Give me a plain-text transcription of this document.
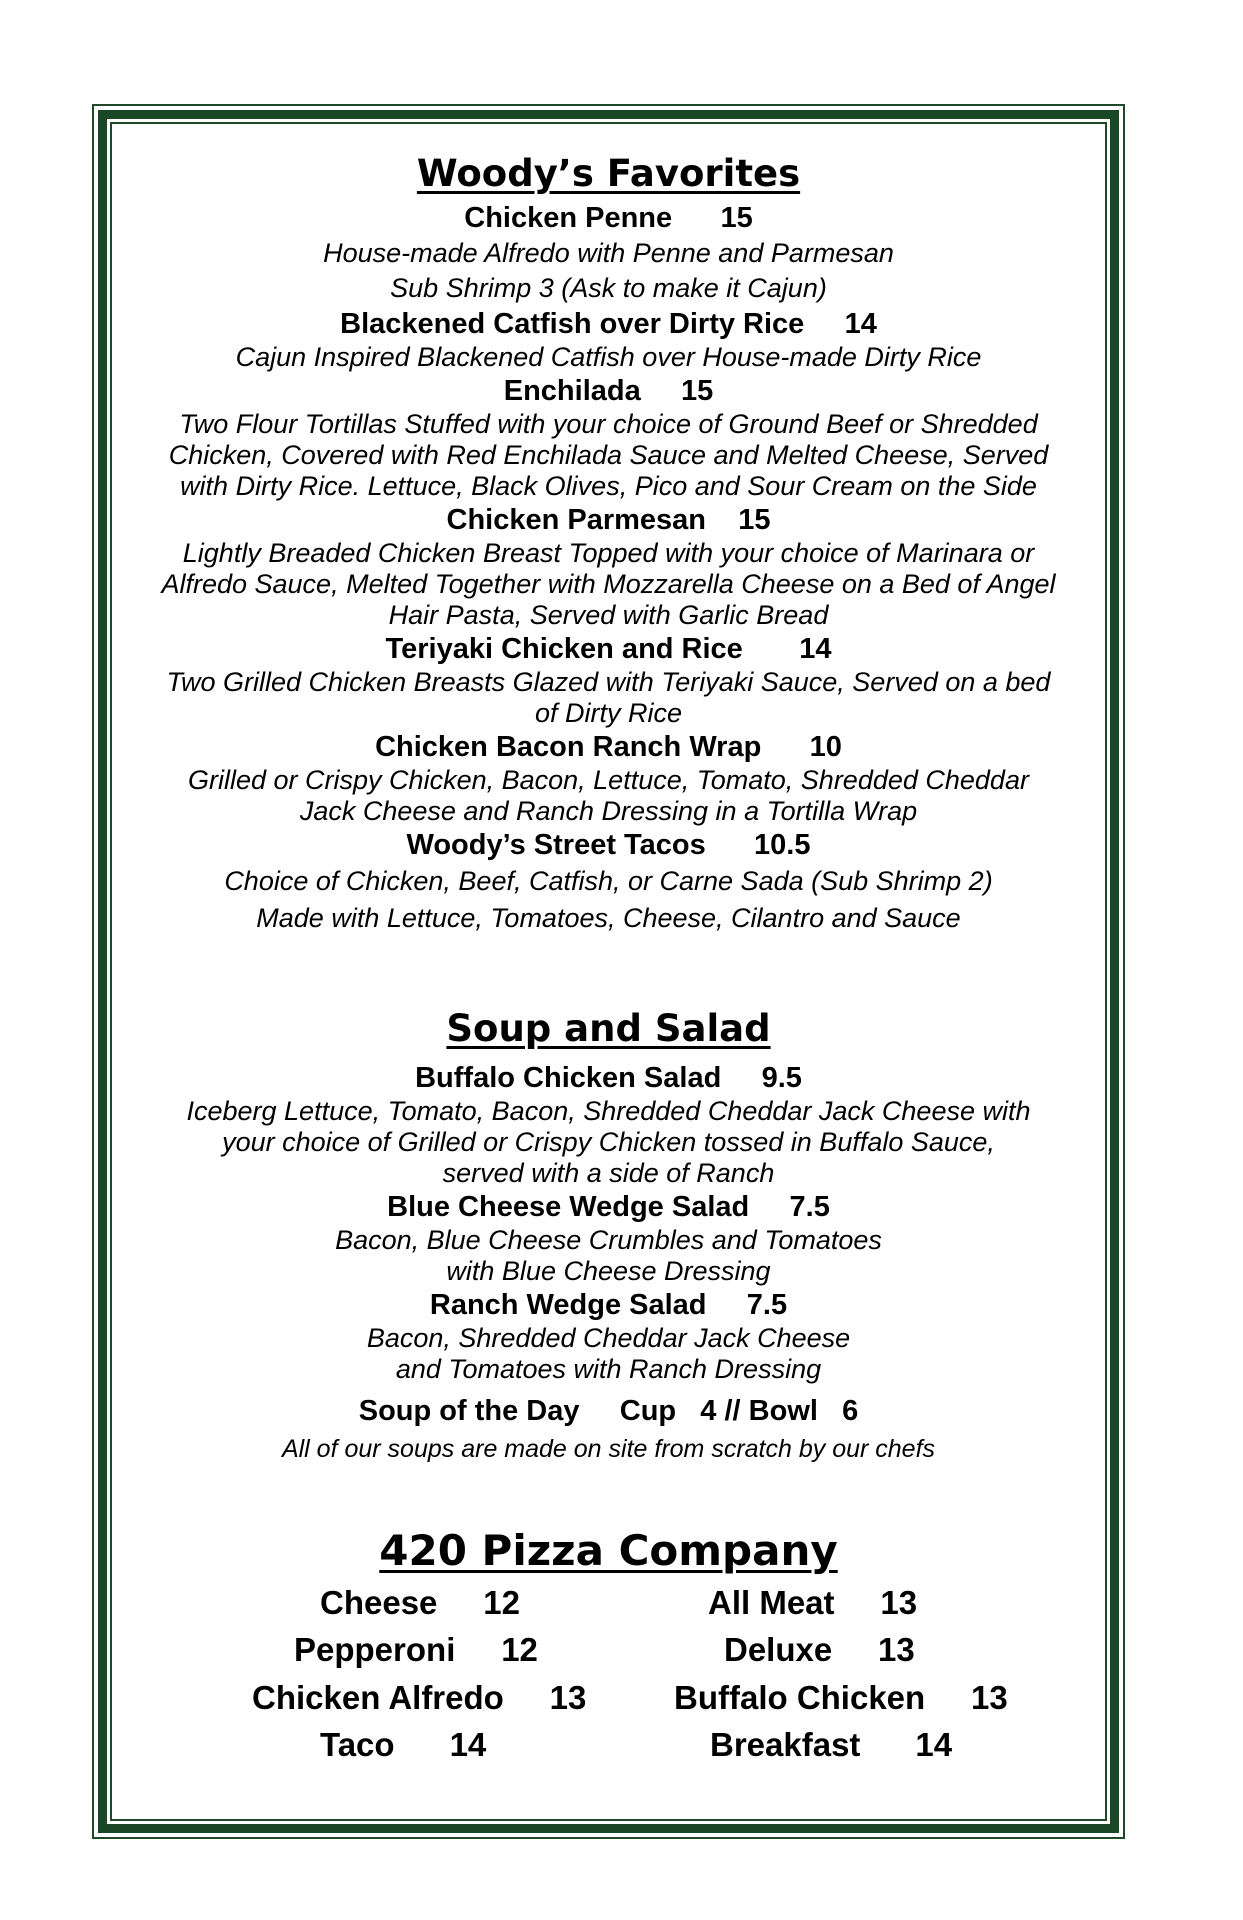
Woody’s Favorites
Chicken Penne      15
House-made Alfredo with Penne and Parmesan
Sub Shrimp 3 (Ask to make it Cajun)
Blackened Catfish over Dirty Rice     14
Cajun Inspired Blackened Catfish over House-made Dirty Rice
Enchilada     15
Two Flour Tortillas Stuffed with your choice of Ground Beef or Shredded
Chicken, Covered with Red Enchilada Sauce and Melted Cheese, Served
with Dirty Rice. Lettuce, Black Olives, Pico and Sour Cream on the Side
Chicken Parmesan    15
Lightly Breaded Chicken Breast Topped with your choice of Marinara or
Alfredo Sauce, Melted Together with Mozzarella Cheese on a Bed of Angel
Hair Pasta, Served with Garlic Bread
Teriyaki Chicken and Rice       14
Two Grilled Chicken Breasts Glazed with Teriyaki Sauce, Served on a bed
of Dirty Rice
Chicken Bacon Ranch Wrap      10
Grilled or Crispy Chicken, Bacon, Lettuce, Tomato, Shredded Cheddar
Jack Cheese and Ranch Dressing in a Tortilla Wrap
Woody’s Street Tacos      10.5
Choice of Chicken, Beef, Catfish, or Carne Sada (Sub Shrimp 2)
Made with Lettuce, Tomatoes, Cheese, Cilantro and Sauce
Soup and Salad
Buffalo Chicken Salad     9.5
Iceberg Lettuce, Tomato, Bacon, Shredded Cheddar Jack Cheese with
your choice of Grilled or Crispy Chicken tossed in Buffalo Sauce,
served with a side of Ranch
Blue Cheese Wedge Salad     7.5
Bacon, Blue Cheese Crumbles and Tomatoes
with Blue Cheese Dressing
Ranch Wedge Salad     7.5
Bacon, Shredded Cheddar Jack Cheese
and Tomatoes with Ranch Dressing
Soup of the Day     Cup   4 // Bowl   6
All of our soups are made on site from scratch by our chefs
420 Pizza Company
Cheese     12
Pepperoni     12
Chicken Alfredo     13
Taco      14
All Meat     13
Deluxe     13
Buffalo Chicken     13
Breakfast      14
